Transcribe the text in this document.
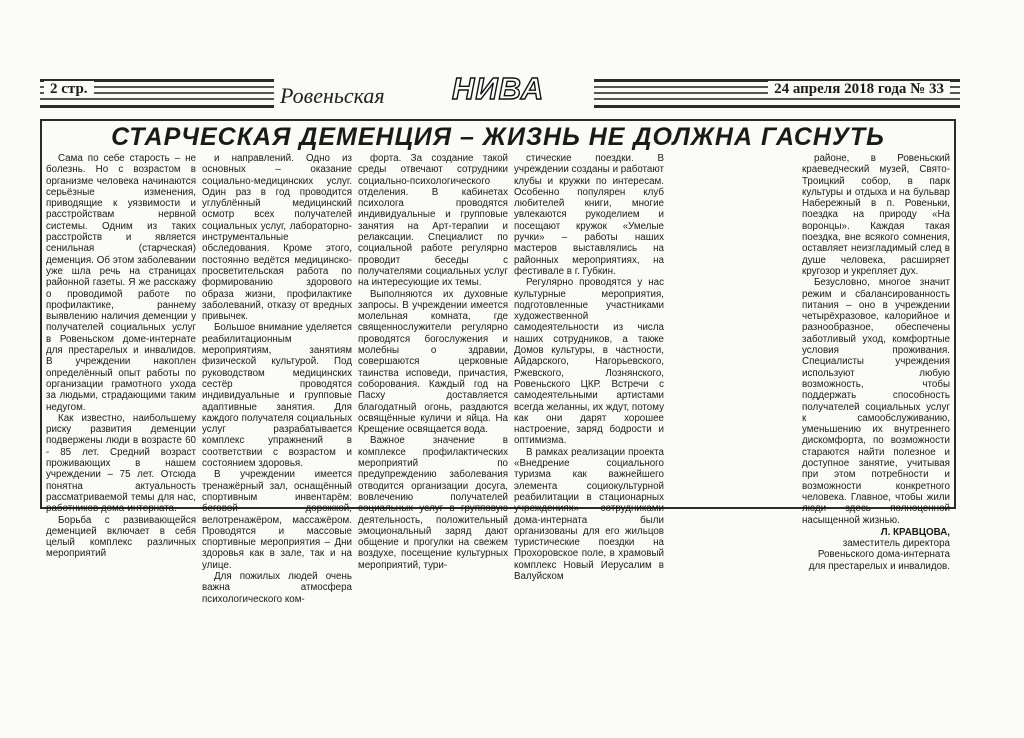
2 стр.	Ровеньская НИВА	24 апреля 2018 года № 33
СТАРЧЕСКАЯ ДЕМЕНЦИЯ – ЖИЗНЬ НЕ ДОЛЖНА ГАСНУТЬ

Сама по себе старость – не болезнь. Но с возрастом в организме человека начинаются серьёзные изменения, приводящие к уязвимости и расстройствам нервной системы. Одним из таких расстройств и является сенильная (старческая) деменция. Об этом заболевании уже шла речь на страницах районной газеты. Я же расскажу о проводимой работе по профилактике, раннему выявлению наличия деменции у получателей социальных услуг в Ровеньском доме-интернате для престарелых и инвалидов. В учреждении накоплен определённый опыт работы по организации грамотного ухода за людьми, страдающими таким недугом.

Как известно, наибольшему риску развития деменции подвержены люди в возрасте 60 - 85 лет. Средний возраст проживающих в нашем учреждении – 75 лет. Отсюда понятна актуальность рассматриваемой темы для нас, работников дома-интерната.

Борьба с развивающейся деменцией включает в себя целый комплекс различных мероприятий

и направлений. Одно из основных – оказание социально-медицинских услуг. Один раз в год проводится углублённый медицинский осмотр всех получателей социальных услуг, лабораторно-инструментальные обследования. Кроме этого, постоянно ведётся медицинско-просветительская работа по формированию здорового образа жизни, профилактике заболеваний, отказу от вредных привычек.

Большое внимание уделяется реабилитационным мероприятиям, занятиям физической культурой. Под руководством медицинских сестёр проводятся индивидуальные и групповые адаптивные занятия. Для каждого получателя социальных услуг разрабатывается комплекс упражнений в соответствии с возрастом и состоянием здоровья.

В учреждении имеется тренажёрный зал, оснащённый спортивным инвентарём: беговой дорожкой, велотренажёром, массажёром. Проводятся и массовые спортивные мероприятия – Дни здоровья как в зале, так и на улице.

Для пожилых людей очень важна атмосфера психологического ком-

форта. За создание такой среды отвечают сотрудники социально-психологического отделения. В кабинетах психолога проводятся индивидуальные и групповые занятия на Арт-терапии и релаксации. Специалист по социальной работе регулярно проводит беседы с получателями социальных услуг на интересующие их темы.

Выполняются их духовные запросы. В учреждении имеется молельная комната, где священнослужители регулярно проводятся богослужения и молебны о здравии, совершаются церковные таинства исповеди, причастия, соборования. Каждый год на Пасху доставляется благодатный огонь, раздаются освящённые куличи и яйца. На Крещение освящается вода.

Важное значение в комплексе профилактических мероприятий по предупреждению заболевания отводится организации досуга, вовлечению получателей социальных услуг в групповую деятельность, положительный эмоциональный заряд дают общение и прогулки на свежем воздухе, посещение культурных мероприятий, тури-

стические поездки. В учреждении созданы и работают клубы и кружки по интересам. Особенно популярен клуб любителей книги, многие увлекаются рукоделием и посещают кружок «Умелые ручки» – работы наших мастеров выставлялись на районных мероприятиях, на фестивале в г. Губкин.

Регулярно проводятся у нас культурные мероприятия, подготовленные участниками художественной самодеятельности из числа наших сотрудников, а также Домов культуры, в частности, Айдарского, Нагорьевского, Ржевского, Лознянского, Ровеньского ЦКР. Встречи с самодеятельными артистами всегда желанны, их ждут, потому как они дарят хорошее настроение, заряд бодрости и оптимизма.

В рамках реализации проекта «Внедрение социального туризма как важнейшего элемента социокультурной реабилитации в стационарных учреждениях» сотрудниками дома-интерната были организованы для его жильцов туристические поездки на Прохоровское поле, в храмовый комплекс Новый Иерусалим в Валуйском

районе, в Ровеньский краеведческий музей, Свято-Троицкий собор, в парк культуры и отдыха и на бульвар Набережный в п. Ровеньки, поездка на природу «На воронцы». Каждая такая поездка, вне всякого сомнения, оставляет неизгладимый след в душе человека, расширяет кругозор и укрепляет дух.

Безусловно, многое значит режим и сбалансированность питания – оно в учреждении четырёхразовое, калорийное и разнообразное, обеспечены заботливый уход, комфортные условия проживания. Специалисты учреждения используют любую возможность, чтобы поддержать способность получателей социальных услуг к самообслуживанию, уменьшению их внутреннего дискомфорта, по возможности стараются найти полезное и доступное занятие, учитывая при этом потребности и возможности конкретного человека. Главное, чтобы жили люди здесь полноценной насыщенной жизнью.

Л. КРАВЦОВА,
заместитель директора Ровеньского дома-интерната для престарелых и инвалидов.
